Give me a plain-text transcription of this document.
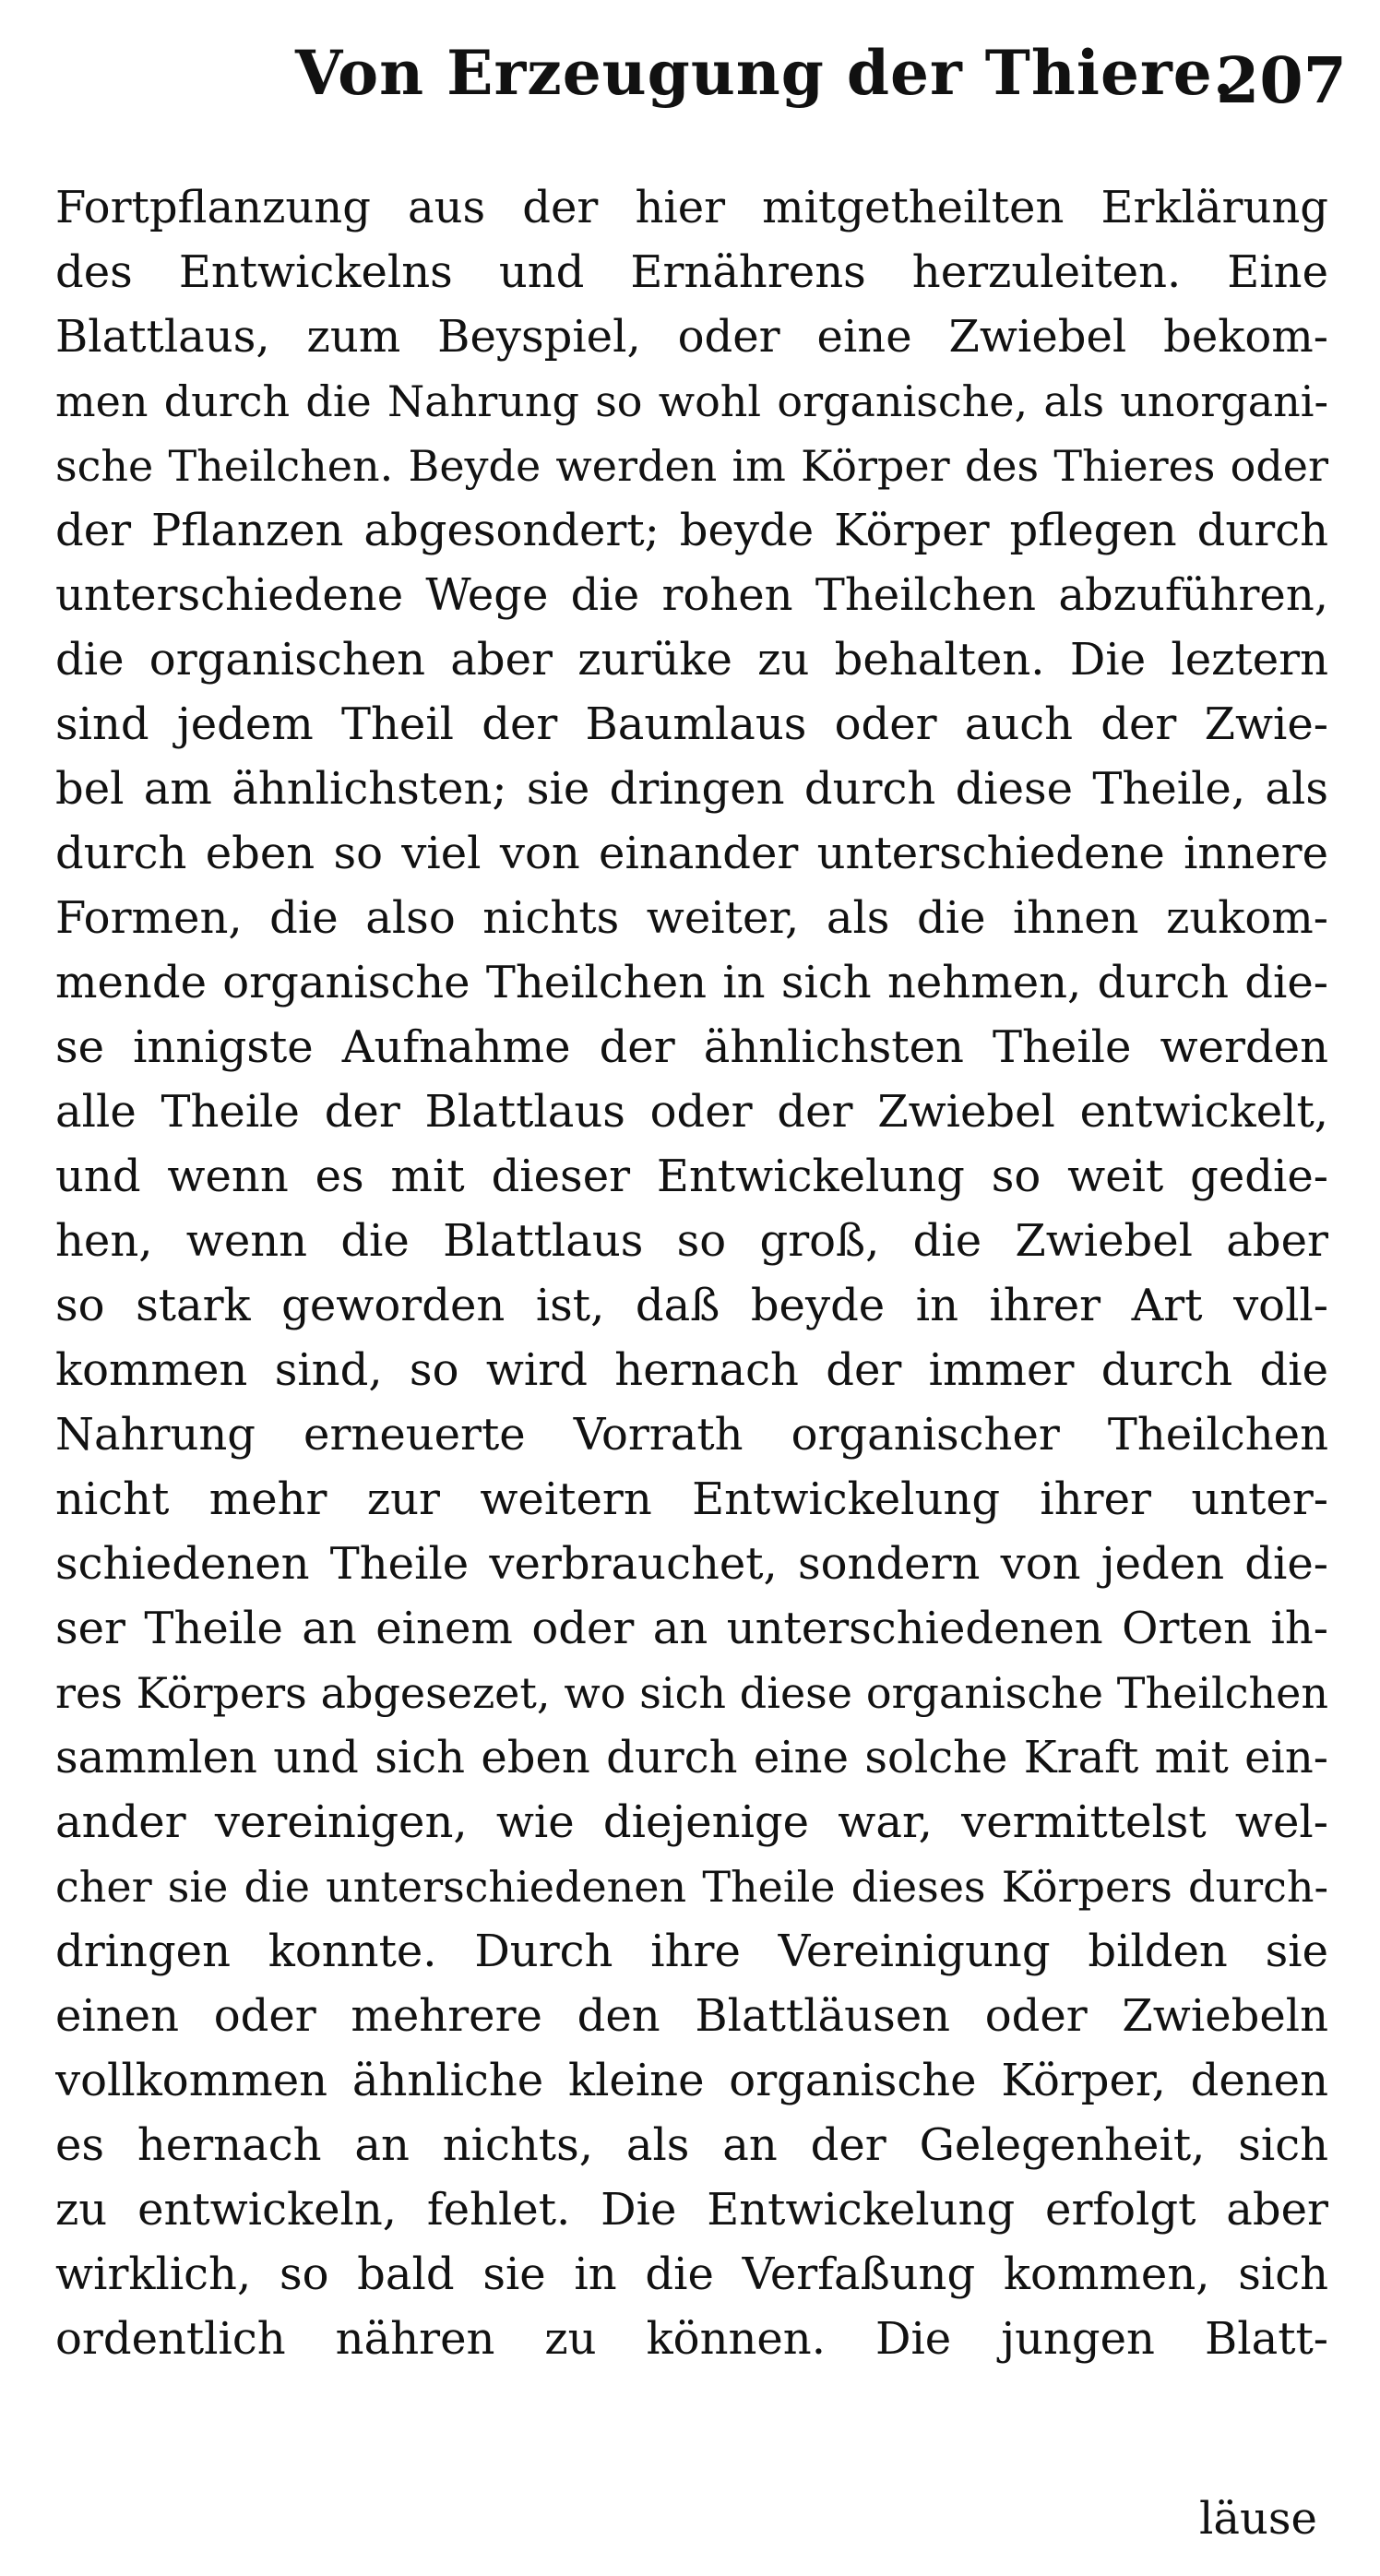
Von Erzeugung der Thiere.
207
Fortpflanzung aus der hier mitgetheilten Erklärung
des Entwickelns und Ernährens herzuleiten. Eine
Blattlaus, zum Beyspiel, oder eine Zwiebel bekom-
men durch die Nahrung so wohl organische, als unorgani-
sche Theilchen. Beyde werden im Körper des Thieres oder
der Pflanzen abgesondert; beyde Körper pflegen durch
unterschiedene Wege die rohen Theilchen abzuführen,
die organischen aber zurüke zu behalten. Die leztern
sind jedem Theil der Baumlaus oder auch der Zwie-
bel am ähnlichsten; sie dringen durch diese Theile, als
durch eben so viel von einander unterschiedene innere
Formen, die also nichts weiter, als die ihnen zukom-
mende organische Theilchen in sich nehmen, durch die-
se innigste Aufnahme der ähnlichsten Theile werden
alle Theile der Blattlaus oder der Zwiebel entwickelt,
und wenn es mit dieser Entwickelung so weit gedie-
hen, wenn die Blattlaus so groß, die Zwiebel aber
so stark geworden ist, daß beyde in ihrer Art voll-
kommen sind, so wird hernach der immer durch die
Nahrung erneuerte Vorrath organischer Theilchen
nicht mehr zur weitern Entwickelung ihrer unter-
schiedenen Theile verbrauchet, sondern von jeden die-
ser Theile an einem oder an unterschiedenen Orten ih-
res Körpers abgesezet, wo sich diese organische Theilchen
sammlen und sich eben durch eine solche Kraft mit ein-
ander vereinigen, wie diejenige war, vermittelst wel-
cher sie die unterschiedenen Theile dieses Körpers durch-
dringen konnte. Durch ihre Vereinigung bilden sie
einen oder mehrere den Blattläusen oder Zwiebeln
vollkommen ähnliche kleine organische Körper, denen
es hernach an nichts, als an der Gelegenheit, sich
zu entwickeln, fehlet. Die Entwickelung erfolgt aber
wirklich, so bald sie in die Verfaßung kommen, sich
ordentlich nähren zu können. Die jungen Blatt-
läuse
